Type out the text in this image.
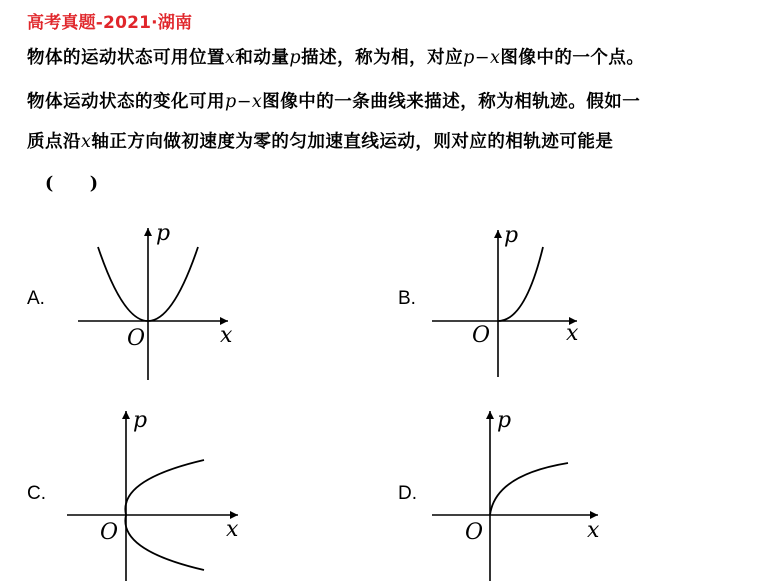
高考真题-2021·湖南
物体的运动状态可用位置x和动量p描述，称为相，对应p−x图像中的一个点。
物体运动状态的变化可用p−x图像中的一条曲线来描述，称为相轨迹。假如一
质点沿x轴正方向做初速度为零的匀加速直线运动，则对应的相轨迹可能是
(　　)
A.
p
x
O
B.
p
x
O
C.
p
x
O
D.
p
x
O
